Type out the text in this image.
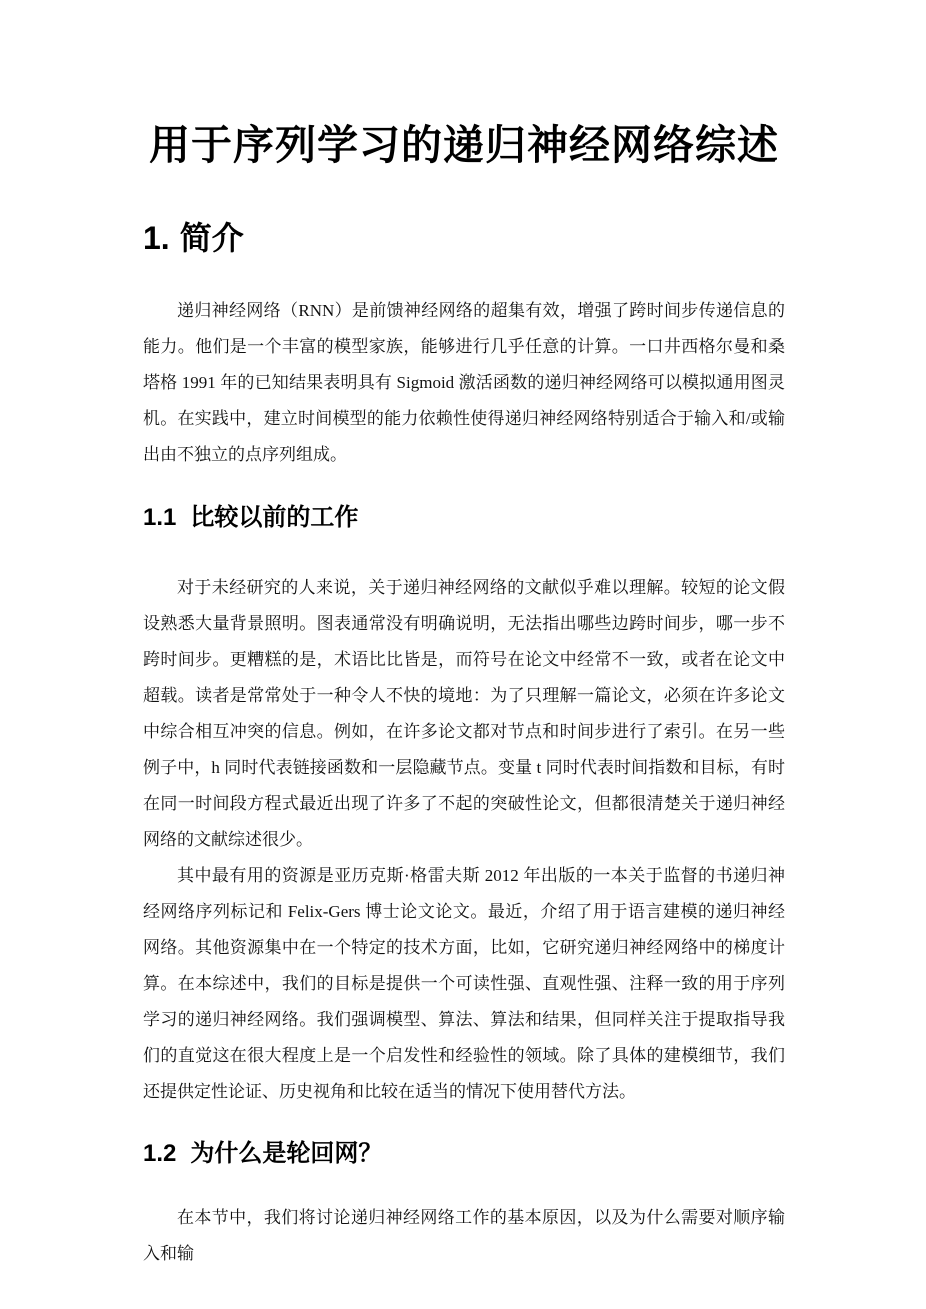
用于序列学习的递归神经网络综述
1. 简介

递归神经网络（RNN）是前馈神经网络的超集有效，增强了跨时间步传递信息的能力。他们是一个丰富的模型家族，能够进行几乎任意的计算。一口井西格尔曼和桑塔格 1991 年的已知结果表明具有 Sigmoid 激活函数的递归神经网络可以模拟通用图灵机。在实践中，建立时间模型的能力依赖性使得递归神经网络特别适合于输入和/或输出由不独立的点序列组成。

1.1 比较以前的工作

对于未经研究的人来说，关于递归神经网络的文献似乎难以理解。较短的论文假设熟悉大量背景照明。图表通常没有明确说明，无法指出哪些边跨时间步，哪一步不跨时间步。更糟糕的是，术语比比皆是，而符号在论文中经常不一致，或者在论文中超载。读者是常常处于一种令人不快的境地：为了只理解一篇论文，必须在许多论文中综合相互冲突的信息。例如，在许多论文都对节点和时间步进行了索引。在另一些例子中，h 同时代表链接函数和一层隐藏节点。变量 t 同时代表时间指数和目标，有时在同一时间段方程式最近出现了许多了不起的突破性论文，但都很清楚关于递归神经网络的文献综述很少。

其中最有用的资源是亚历克斯·格雷夫斯 2012 年出版的一本关于监督的书递归神经网络序列标记和 Felix-Gers 博士论文论文。最近，介绍了用于语言建模的递归神经网络。其他资源集中在一个特定的技术方面，比如，它研究递归神经网络中的梯度计算。在本综述中，我们的目标是提供一个可读性强、直观性强、注释一致的用于序列学习的递归神经网络。我们强调模型、算法、算法和结果，但同样关注于提取指导我们的直觉这在很大程度上是一个启发性和经验性的领域。除了具体的建模细节，我们还提供定性论证、历史视角和比较在适当的情况下使用替代方法。

1.2 为什么是轮回网？

在本节中，我们将讨论递归神经网络工作的基本原因，以及为什么需要对顺序输入和输
